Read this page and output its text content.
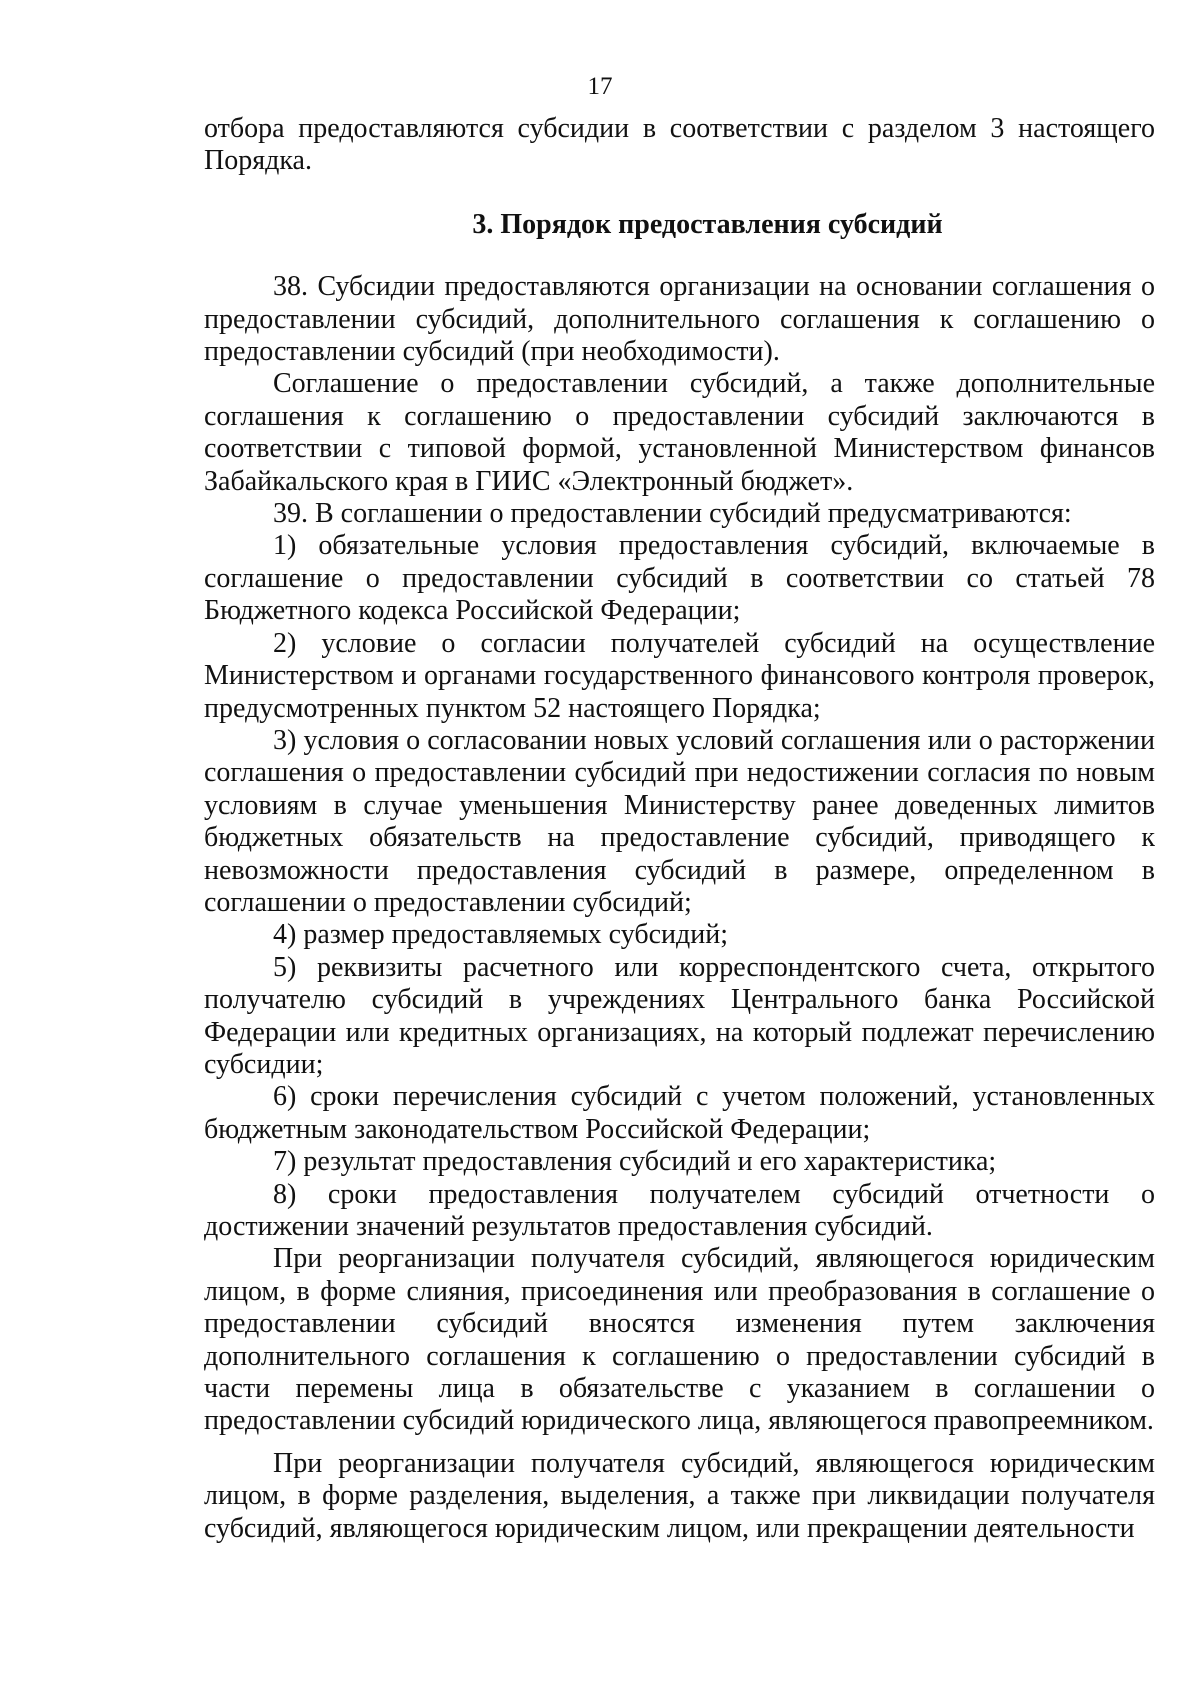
17

отбора предоставляются субсидии в соответствии с разделом 3 настоящего Порядка.

3. Порядок предоставления субсидий

38. Субсидии предоставляются организации на основании соглашения о предоставлении субсидий, дополнительного соглашения к соглашению о предоставлении субсидий (при необходимости).

Соглашение о предоставлении субсидий, а также дополнительные соглашения к соглашению о предоставлении субсидий заключаются в соответствии с типовой формой, установленной Министерством финансов Забайкальского края в ГИИС «Электронный бюджет».

39. В соглашении о предоставлении субсидий предусматриваются:

1) обязательные условия предоставления субсидий, включаемые в соглашение о предоставлении субсидий в соответствии со статьей 78 Бюджетного кодекса Российской Федерации;

2) условие о согласии получателей субсидий на осуществление Министерством и органами государственного финансового контроля проверок, предусмотренных пунктом 52 настоящего Порядка;

3) условия о согласовании новых условий соглашения или о расторжении соглашения о предоставлении субсидий при недостижении согласия по новым условиям в случае уменьшения Министерству ранее доведенных лимитов бюджетных обязательств на предоставление субсидий, приводящего к невозможности предоставления субсидий в размере, определенном в соглашении о предоставлении субсидий;

4) размер предоставляемых субсидий;

5) реквизиты расчетного или корреспондентского счета, открытого получателю субсидий в учреждениях Центрального банка Российской Федерации или кредитных организациях, на который подлежат перечислению субсидии;

6) сроки перечисления субсидий с учетом положений, установленных бюджетным законодательством Российской Федерации;

7) результат предоставления субсидий и его характеристика;

8) сроки предоставления получателем субсидий отчетности о достижении значений результатов предоставления субсидий.

При реорганизации получателя субсидий, являющегося юридическим лицом, в форме слияния, присоединения или преобразования в соглашение о предоставлении субсидий вносятся изменения путем заключения дополнительного соглашения к соглашению о предоставлении субсидий в части перемены лица в обязательстве с указанием в соглашении о предоставлении субсидий юридического лица, являющегося правопреемником.

При реорганизации получателя субсидий, являющегося юридическим лицом, в форме разделения, выделения, а также при ликвидации получателя субсидий, являющегося юридическим лицом, или прекращении деятельности
